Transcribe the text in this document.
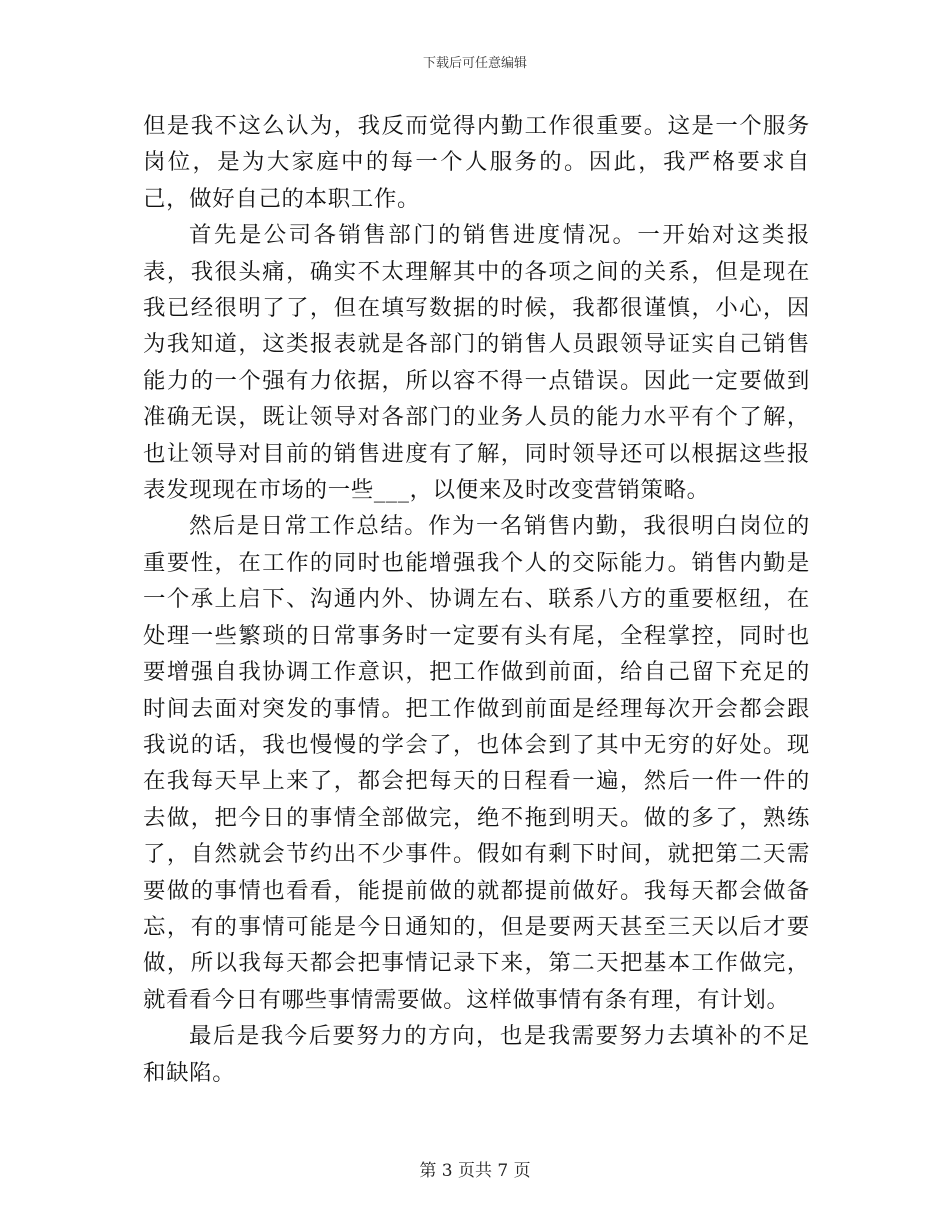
下载后可任意编辑

但是我不这么认为，我反而觉得内勤工作很重要。这是一个服务岗位，是为大家庭中的每一个人服务的。因此，我严格要求自己，做好自己的本职工作。

首先是公司各销售部门的销售进度情况。一开始对这类报表，我很头痛，确实不太理解其中的各项之间的关系，但是现在我已经很明了了，但在填写数据的时候，我都很谨慎，小心，因为我知道，这类报表就是各部门的销售人员跟领导证实自己销售能力的一个强有力依据，所以容不得一点错误。因此一定要做到准确无误，既让领导对各部门的业务人员的能力水平有个了解，也让领导对目前的销售进度有了解，同时领导还可以根据这些报表发现现在市场的一些___，以便来及时改变营销策略。

然后是日常工作总结。作为一名销售内勤，我很明白岗位的重要性，在工作的同时也能增强我个人的交际能力。销售内勤是一个承上启下、沟通内外、协调左右、联系八方的重要枢纽，在处理一些繁琐的日常事务时一定要有头有尾，全程掌控，同时也要增强自我协调工作意识，把工作做到前面，给自己留下充足的时间去面对突发的事情。把工作做到前面是经理每次开会都会跟我说的话，我也慢慢的学会了，也体会到了其中无穷的好处。现在我每天早上来了，都会把每天的日程看一遍，然后一件一件的去做，把今日的事情全部做完，绝不拖到明天。做的多了，熟练了，自然就会节约出不少事件。假如有剩下时间，就把第二天需要做的事情也看看，能提前做的就都提前做好。我每天都会做备忘，有的事情可能是今日通知的，但是要两天甚至三天以后才要做，所以我每天都会把事情记录下来，第二天把基本工作做完，就看看今日有哪些事情需要做。这样做事情有条有理，有计划。

最后是我今后要努力的方向，也是我需要努力去填补的不足和缺陷。

第 3 页共 7 页
